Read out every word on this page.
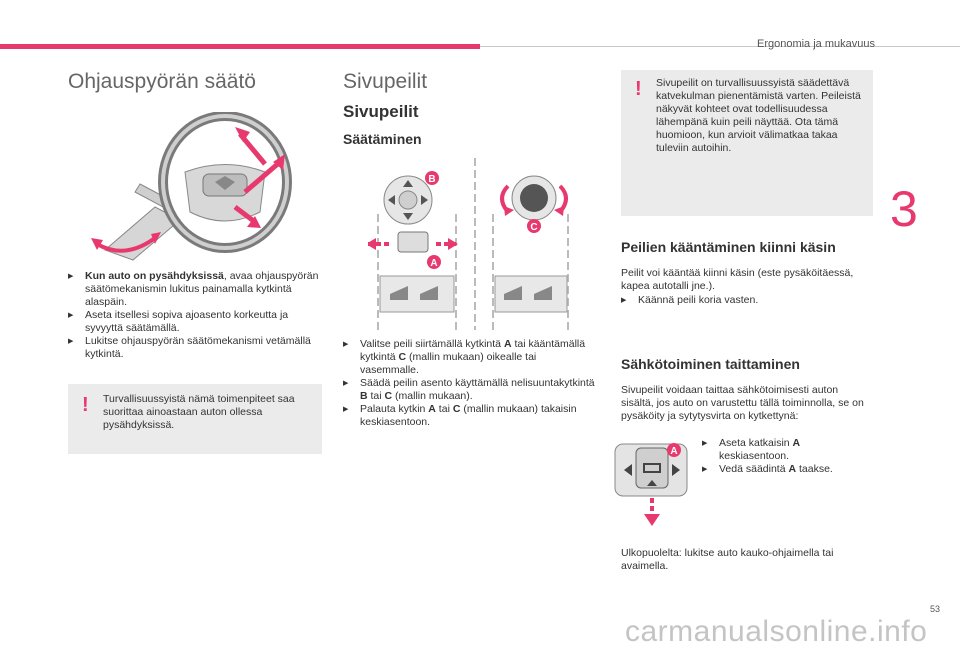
Ergonomia ja mukavuus
3
53
Ohjauspyörän säätö
▶ Kun auto on pysähdyksissä, avaa ohjauspyörän säätömekanismin lukitus painamalla kytkintä alaspäin.
▶ Aseta itsellesi sopiva ajoasento korkeutta ja syvyyttä säätämällä.
▶ Lukitse ohjauspyörän säätömekanismi vetämällä kytkintä.
! Turvallisuussyistä nämä toimenpiteet saa suorittaa ainoastaan auton ollessa pysähdyksissä.
Sivupeilit
Sivupeilit
Säätäminen
B
A
C
▶ Valitse peili siirtämällä kytkintä A tai kääntämällä kytkintä C (mallin mukaan) oikealle tai vasemmalle.
▶ Säädä peilin asento käyttämällä nelisuuntakytkintä B tai C (mallin mukaan).
▶ Palauta kytkin A tai C (mallin mukaan) takaisin keskiasentoon.
! Sivupeilit on turvallisuussyistä säädettävä katvekulman pienentämistä varten. Peileistä näkyvät kohteet ovat todellisuudessa lähempänä kuin peili näyttää. Ota tämä huomioon, kun arvioit välimatkaa takaa tuleviin autoihin.
Peilien kääntäminen kiinni käsin
Peilit voi kääntää kiinni käsin (este pysäköitäessä, kapea autotalli jne.).
▶ Käännä peili koria vasten.
Sähkötoiminen taittaminen
Sivupeilit voidaan taittaa sähkötoimisesti auton sisältä, jos auto on varustettu tällä toiminnolla, se on pysäköity ja sytytysvirta on kytkettynä:
A
▶ Aseta katkaisin A keskiasentoon.
▶ Vedä säädintä A taakse.
Ulkopuolelta: lukitse auto kauko-ohjaimella tai avaimella.
carmanualsonline.info
